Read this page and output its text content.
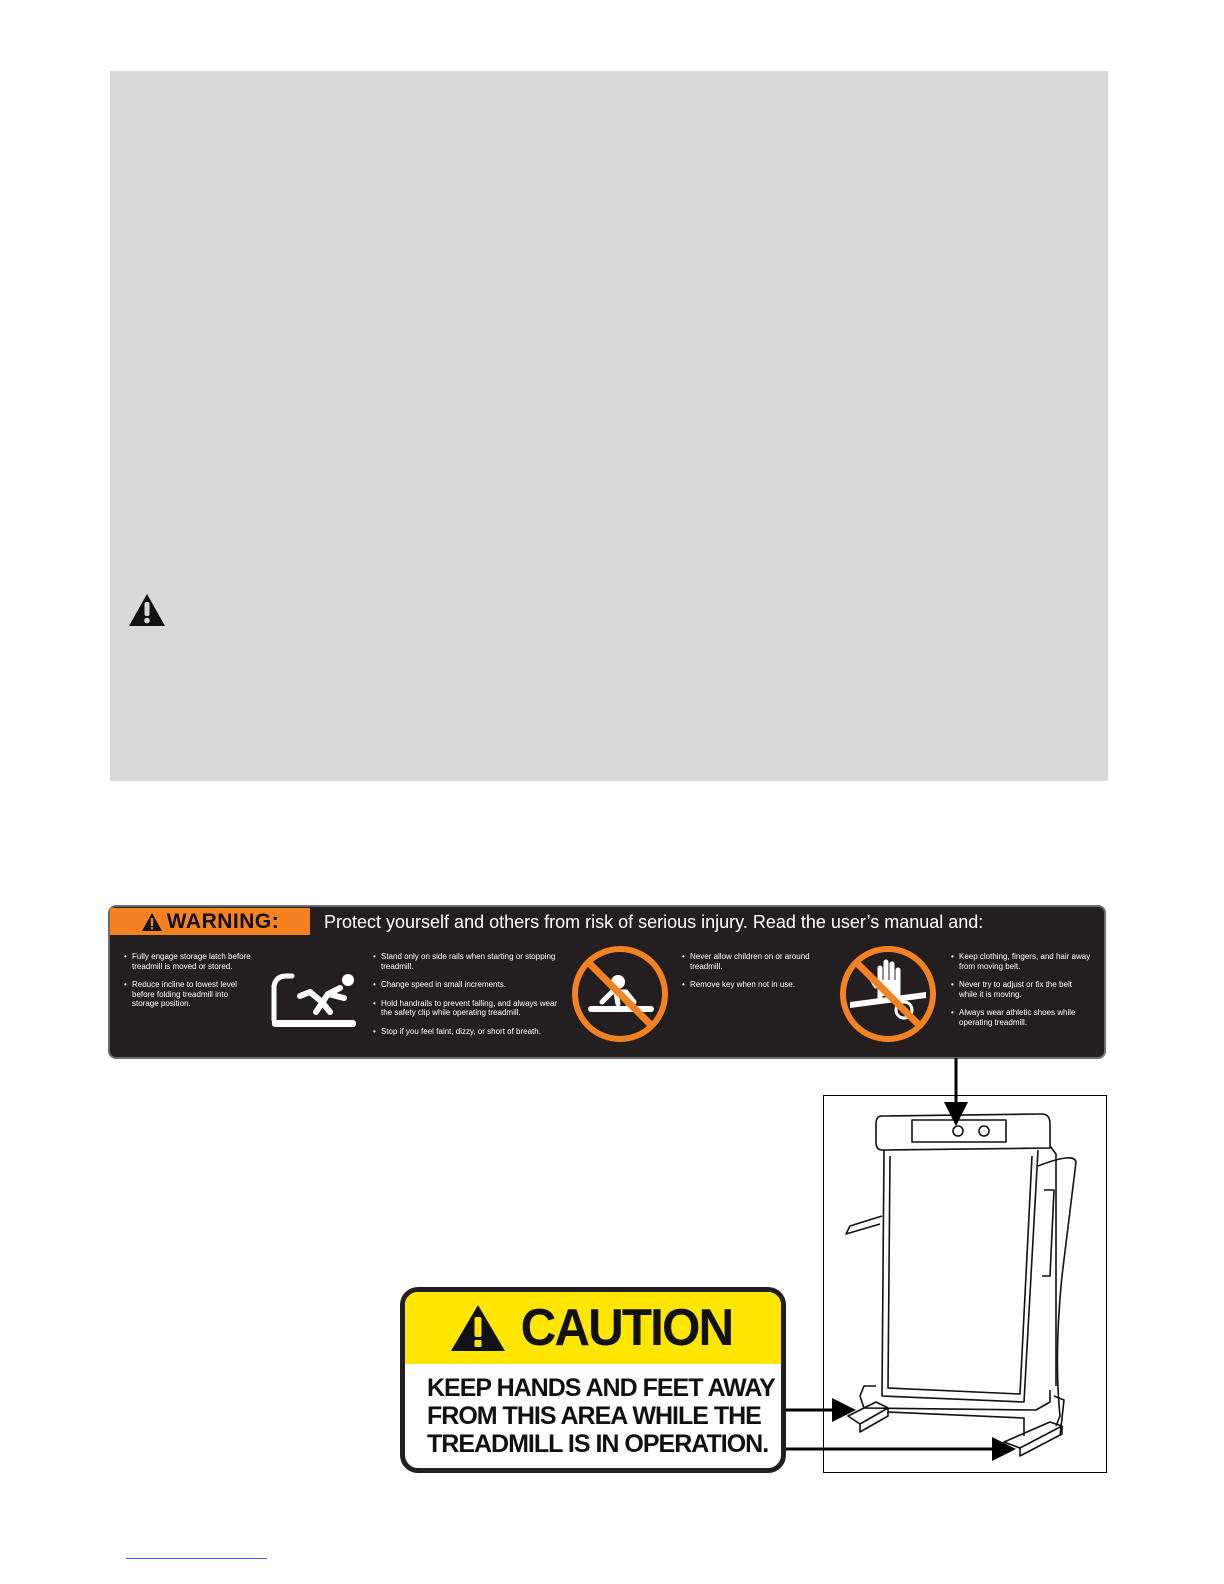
WARNING: Protect yourself and others from risk of serious injury. Read the user’s manual and:
• Fully engage storage latch before treadmill is moved or stored.
• Reduce incline to lowest level before folding treadmill into storage position.
• Stand only on side rails when starting or stopping treadmill.
• Change speed in small increments.
• Hold handrails to prevent falling, and always wear the safety clip while operating treadmill.
• Stop if you feel faint, dizzy, or short of breath.
• Never allow children on or around treadmill.
• Remove key when not in use.
• Keep clothing, fingers, and hair away from moving belt.
• Never try to adjust or fix the belt while it is moving.
• Always wear athletic shoes while operating treadmill.
CAUTION
KEEP HANDS AND FEET AWAY
FROM THIS AREA WHILE THE
TREADMILL IS IN OPERATION.
